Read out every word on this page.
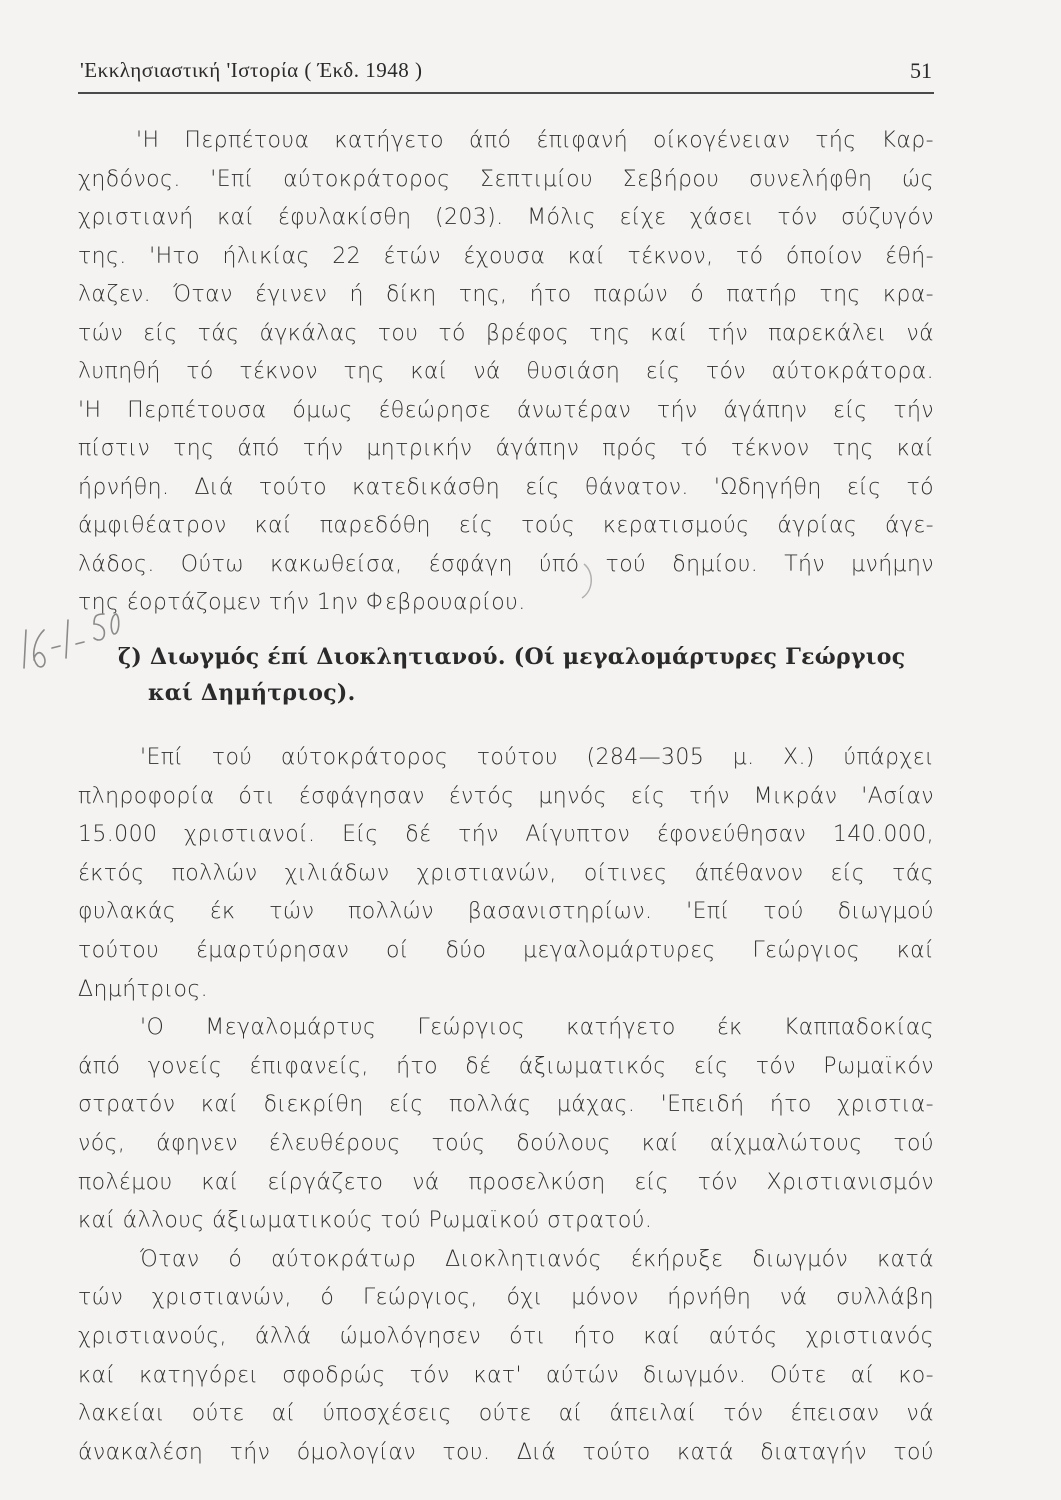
'Εκκλησιαστική 'Ιστορία ( Έκδ. 1948 )	51
'Η Περπέτουα κατήγετο άπό έπιφανή οίκογένειαν τής Καρ-
χηδόνος. 'Επί αύτοκράτορος Σεπτιμίου Σεβήρου συνελήφθη ώς
χριστιανή καί έφυλακίσθη (203). Μόλις είχε χάσει τόν σύζυγόν
της. 'Ητο ήλικίας 22 έτών έχουσα καί τέκνον, τό όποίον έθή-
λαζεν. Όταν έγινεν ή δίκη της, ήτο παρών ό πατήρ της κρα-
τών είς τάς άγκάλας του τό βρέφος της καί τήν παρεκάλει νά
λυπηθή τό τέκνον της καί νά θυσιάση είς τόν αύτοκράτορα.
'Η Περπέτουσα όμως έθεώρησε άνωτέραν τήν άγάπην είς τήν
πίστιν της άπό τήν μητρικήν άγάπην πρός τό τέκνον της καί
ήρνήθη. Διά τούτο κατεδικάσθη είς θάνατον. 'Ωδηγήθη είς τό
άμφιθέατρον καί παρεδόθη είς τούς κερατισμούς άγρίας άγε-
λάδος. Ούτω κακωθείσα, έσφάγη ύπό τού δημίου. Τήν μνήμην
της έορτάζομεν τήν 1ην Φεβρουαρίου.
ζ) Διωγμός έπί Διοκλητιανού. (Οί μεγαλομάρτυρες Γεώργιος
καί Δημήτριος).
'Επί τού αύτοκράτορος τούτου (284—305 μ. Χ.) ύπάρχει
πληροφορία ότι έσφάγησαν έντός μηνός είς τήν Μικράν 'Ασίαν
15.000 χριστιανοί. Είς δέ τήν Αίγυπτον έφονεύθησαν 140.000,
έκτός πολλών χιλιάδων χριστιανών, οίτινες άπέθανον είς τάς
φυλακάς έκ τών πολλών βασανιστηρίων. 'Επί τού διωγμού
τούτου έμαρτύρησαν οί δύο μεγαλομάρτυρες Γεώργιος καί
Δημήτριος.
'Ο Μεγαλομάρτυς Γεώργιος κατήγετο έκ Καππαδοκίας
άπό γονείς έπιφανείς, ήτο δέ άξιωματικός είς τόν Ρωμαϊκόν
στρατόν καί διεκρίθη είς πολλάς μάχας. 'Επειδή ήτο χριστια-
νός, άφηνεν έλευθέρους τούς δούλους καί αίχμαλώτους τού
πολέμου καί είργάζετο νά προσελκύση είς τόν Χριστιανισμόν
καί άλλους άξιωματικούς τού Ρωμαϊκού στρατού.
Όταν ό αύτοκράτωρ Διοκλητιανός έκήρυξε διωγμόν κατά
τών χριστιανών, ό Γεώργιος, όχι μόνον ήρνήθη νά συλλάβη
χριστιανούς, άλλά ώμολόγησεν ότι ήτο καί αύτός χριστιανός
καί κατηγόρει σφοδρώς τόν κατ' αύτών διωγμόν. Ούτε αί κο-
λακείαι ούτε αί ύποσχέσεις ούτε αί άπειλαί τόν έπεισαν νά
άνακαλέση τήν όμολογίαν του. Διά τούτο κατά διαταγήν τού
